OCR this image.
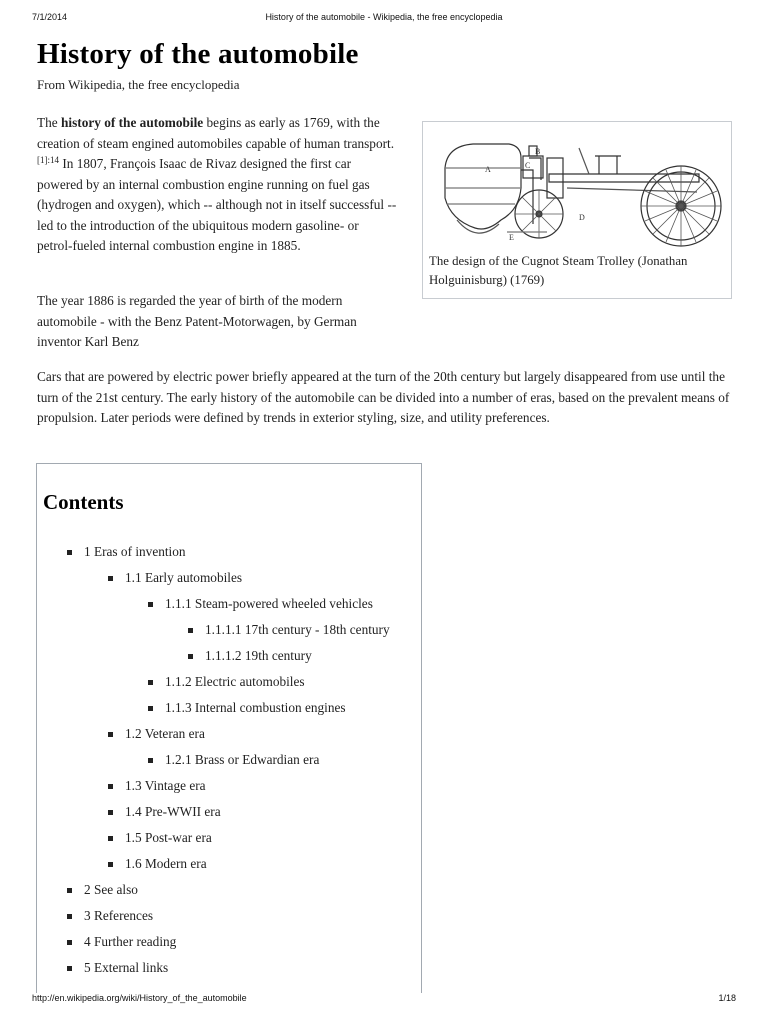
7/1/2014	History of the automobile - Wikipedia, the free encyclopedia
History of the automobile
From Wikipedia, the free encyclopedia
The history of the automobile begins as early as 1769, with the creation of steam engined automobiles capable of human transport.$^{[1]:14}$ In 1807, François Isaac de Rivaz designed the first car powered by an internal combustion engine running on fuel gas (hydrogen and oxygen), which -- although not in itself successful -- led to the introduction of the ubiquitous modern gasoline- or petrol-fueled internal combustion engine in 1885.
The year 1886 is regarded the year of birth of the modern automobile - with the Benz Patent-Motorwagen, by German inventor Karl Benz
Cars that are powered by electric power briefly appeared at the turn of the 20th century but largely disappeared from use until the turn of the 21st century. The early history of the automobile can be divided into a number of eras, based on the prevalent means of propulsion. Later periods were defined by trends in exterior styling, size, and utility preferences.
A
B
C
D
E
The design of the Cugnot Steam Trolley (Jonathan Holguinisburg) (1769)
Contents
1 Eras of invention
1.1 Early automobiles
1.1.1 Steam-powered wheeled vehicles
1.1.1.1 17th century - 18th century
1.1.1.2 19th century
1.1.2 Electric automobiles
1.1.3 Internal combustion engines
1.2 Veteran era
1.2.1 Brass or Edwardian era
1.3 Vintage era
1.4 Pre-WWII era
1.5 Post-war era
1.6 Modern era
2 See also
3 References
4 Further reading
5 External links
http://en.wikipedia.org/wiki/History_of_the_automobile	1/18
